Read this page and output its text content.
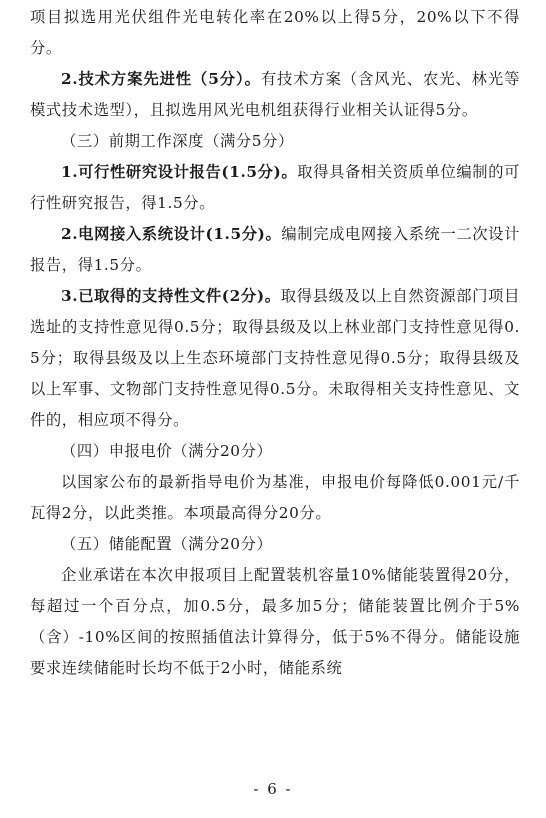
项目拟选用光伏组件光电转化率在20%以上得5分，20%以下不得分。

2.技术方案先进性（5分）。有技术方案（含风光、农光、林光等模式技术选型），且拟选用风光电机组获得行业相关认证得5分。

（三）前期工作深度（满分5分）

1.可行性研究设计报告(1.5分)。取得具备相关资质单位编制的可行性研究报告，得1.5分。

2.电网接入系统设计(1.5分)。编制完成电网接入系统一二次设计报告，得1.5分。

3.已取得的支持性文件(2分)。取得县级及以上自然资源部门项目选址的支持性意见得0.5分；取得县级及以上林业部门支持性意见得0.5分；取得县级及以上生态环境部门支持性意见得0.5分；取得县级及以上军事、文物部门支持性意见得0.5分。未取得相关支持性意见、文件的，相应项不得分。

（四）申报电价（满分20分）

以国家公布的最新指导电价为基准，申报电价每降低0.001元/千瓦得2分，以此类推。本项最高得分20分。

（五）储能配置（满分20分）

企业承诺在本次申报项目上配置装机容量10%储能装置得20分，每超过一个百分点，加0.5分，最多加5分；储能装置比例介于5%（含）-10%区间的按照插值法计算得分，低于5%不得分。储能设施要求连续储能时长均不低于2小时，储能系统

- 6 -
